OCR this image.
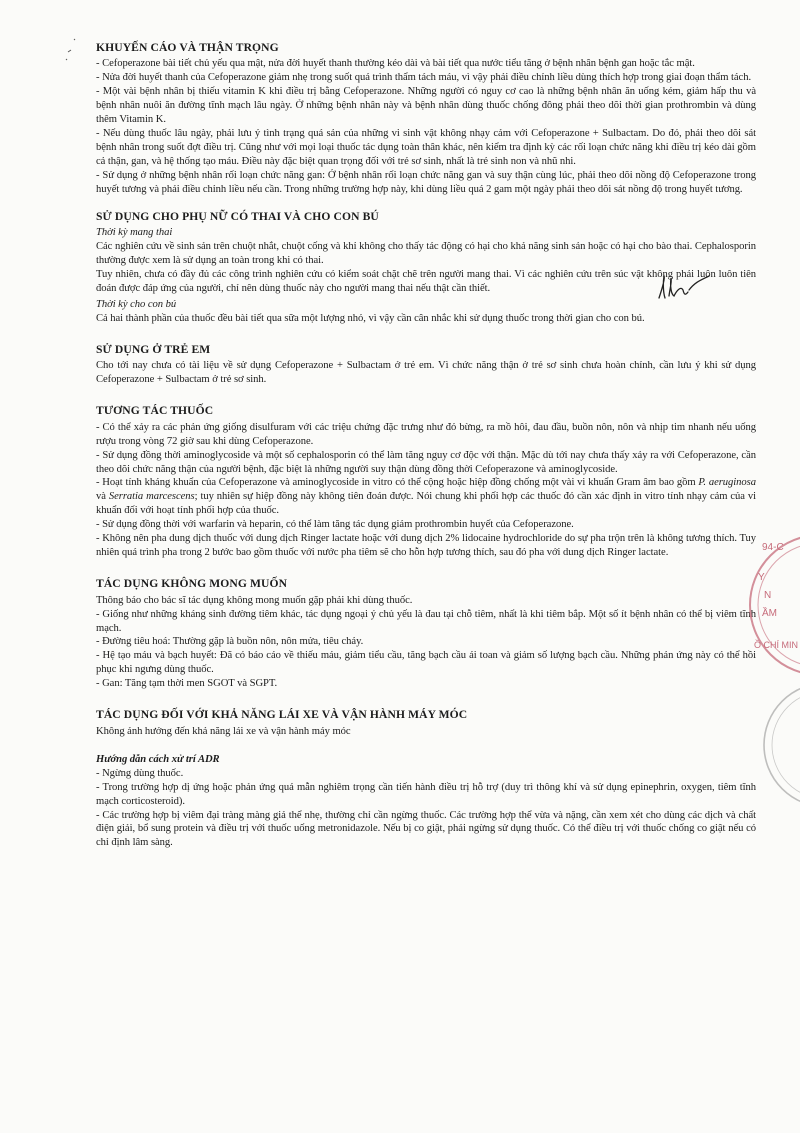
KHUYẾN CÁO VÀ THẬN TRỌNG

- Cefoperazone bài tiết chủ yếu qua mật, nửa đời huyết thanh thường kéo dài và bài tiết qua nước tiểu tăng ở bệnh nhân bệnh gan hoặc tắc mật.

- Nửa đời huyết thanh của Cefoperazone giảm nhẹ trong suốt quá trình thẩm tách máu, vì vậy phải điều chỉnh liều dùng thích hợp trong giai đoạn thẩm tách.

- Một vài bệnh nhân bị thiếu vitamin K khi điều trị bằng Cefoperazone. Những người có nguy cơ cao là những bệnh nhân ăn uống kém, giảm hấp thu và bệnh nhân nuôi ăn đường tĩnh mạch lâu ngày. Ở những bệnh nhân này và bệnh nhân dùng thuốc chống đông phải theo dõi thời gian prothrombin và dùng thêm Vitamin K.

- Nếu dùng thuốc lâu ngày, phải lưu ý tình trạng quá sản của những vi sinh vật không nhạy cảm với Cefoperazone + Sulbactam. Do đó, phải theo dõi sát bệnh nhân trong suốt đợt điều trị. Cũng như với mọi loại thuốc tác dụng toàn thân khác, nên kiểm tra định kỳ các rối loạn chức năng khi điều trị kéo dài gồm cả thận, gan, và hệ thống tạo máu. Điều này đặc biệt quan trọng đối với trẻ sơ sinh, nhất là trẻ sinh non và nhũ nhi.

- Sử dụng ở những bệnh nhân rối loạn chức năng gan: Ở bệnh nhân rối loạn chức năng gan và suy thận cùng lúc, phải theo dõi nồng độ Cefoperazone trong huyết tương và phải điều chỉnh liều nếu cần. Trong những trường hợp này, khi dùng liều quá 2 gam một ngày phải theo dõi sát nồng độ trong huyết tương.

SỬ DỤNG CHO PHỤ NỮ CÓ THAI VÀ CHO CON BÚ

Thời kỳ mang thai

Các nghiên cứu về sinh sản trên chuột nhắt, chuột cống và khỉ không cho thấy tác động có hại cho khả năng sinh sản hoặc có hại cho bào thai. Cephalosporin thường được xem là sử dụng an toàn trong khi có thai.

Tuy nhiên, chưa có đầy đủ các công trình nghiên cứu có kiểm soát chặt chẽ trên người mang thai. Vì các nghiên cứu trên súc vật không phải luôn luôn tiên đoán được đáp ứng của người, chỉ nên dùng thuốc này cho người mang thai nếu thật cần thiết.

Thời kỳ cho con bú

Cả hai thành phần của thuốc đều bài tiết qua sữa một lượng nhỏ, vì vậy cần cân nhắc khi sử dụng thuốc trong thời gian cho con bú.

SỬ DỤNG Ở TRẺ EM

Cho tới nay chưa có tài liệu về sử dụng Cefoperazone + Sulbactam ở trẻ em. Vì chức năng thận ở trẻ sơ sinh chưa hoàn chỉnh, cần lưu ý khi sử dụng Cefoperazone + Sulbactam ở trẻ sơ sinh.

TƯƠNG TÁC THUỐC

- Có thể xảy ra các phản ứng giống disulfuram với các triệu chứng đặc trưng như đỏ bừng, ra mồ hôi, đau đầu, buồn nôn, nôn và nhịp tim nhanh nếu uống rượu trong vòng 72 giờ sau khi dùng Cefoperazone.

- Sử dụng đồng thời aminoglycoside và một số cephalosporin có thể làm tăng nguy cơ độc với thận. Mặc dù tới nay chưa thấy xảy ra với Cefoperazone, cần theo dõi chức năng thận của người bệnh, đặc biệt là những người suy thận dùng đồng thời Cefoperazone và aminoglycoside.

- Hoạt tính kháng khuẩn của Cefoperazone và aminoglycoside in vitro có thể cộng hoặc hiệp đồng chống một vài vi khuẩn Gram âm bao gồm P. aeruginosa và Serratia marcescens; tuy nhiên sự hiệp đồng này không tiên đoán được. Nói chung khi phối hợp các thuốc đó cần xác định in vitro tính nhạy cảm của vi khuẩn đối với hoạt tính phối hợp của thuốc.

- Sử dụng đồng thời với warfarin và heparin, có thể làm tăng tác dụng giảm prothrombin huyết của Cefoperazone.

- Không nên pha dung dịch thuốc với dung dịch Ringer lactate hoặc với dung dịch 2% lidocaine hydrochloride do sự pha trộn trên là không tương thích. Tuy nhiên quá trình pha trong 2 bước bao gồm thuốc với nước pha tiêm sẽ cho hỗn hợp tương thích, sau đó pha với dung dịch Ringer lactate.

TÁC DỤNG KHÔNG MONG MUỐN

Thông báo cho bác sĩ tác dụng không mong muốn gặp phải khi dùng thuốc.

- Giống như những kháng sinh đường tiêm khác, tác dụng ngoại ý chủ yếu là đau tại chỗ tiêm, nhất là khi tiêm bắp. Một số ít bệnh nhân có thể bị viêm tĩnh mạch.

- Đường tiêu hoá: Thường gặp là buồn nôn, nôn mửa, tiêu chảy.

- Hệ tạo máu và bạch huyết: Đã có báo cáo về thiếu máu, giảm tiểu cầu, tăng bạch cầu ái toan và giảm số lượng bạch cầu. Những phản ứng này có thể hồi phục khi ngưng dùng thuốc.

- Gan: Tăng tạm thời men SGOT và SGPT.

TÁC DỤNG ĐỐI VỚI KHẢ NĂNG LÁI XE VÀ VẬN HÀNH MÁY MÓC

Không ảnh hưởng đến khả năng lái xe và vận hành máy móc

Hướng dẫn cách xử trí ADR

- Ngừng dùng thuốc.

- Trong trường hợp dị ứng hoặc phản ứng quá mẫn nghiêm trọng cần tiến hành điều trị hỗ trợ (duy trì thông khí và sử dụng epinephrin, oxygen, tiêm tĩnh mạch corticosteroid).

- Các trường hợp bị viêm đại tràng màng giả thể nhẹ, thường chỉ cần ngừng thuốc. Các trường hợp thể vừa và nặng, cần xem xét cho dùng các dịch và chất điện giải, bổ sung protein và điều trị với thuốc uống metronidazole. Nếu bị co giật, phải ngừng sử dụng thuốc. Có thể điều trị với thuốc chống co giật nếu có chỉ định lâm sàng.

94-C
Y
N
ẦM
Ồ CHÍ MIN
